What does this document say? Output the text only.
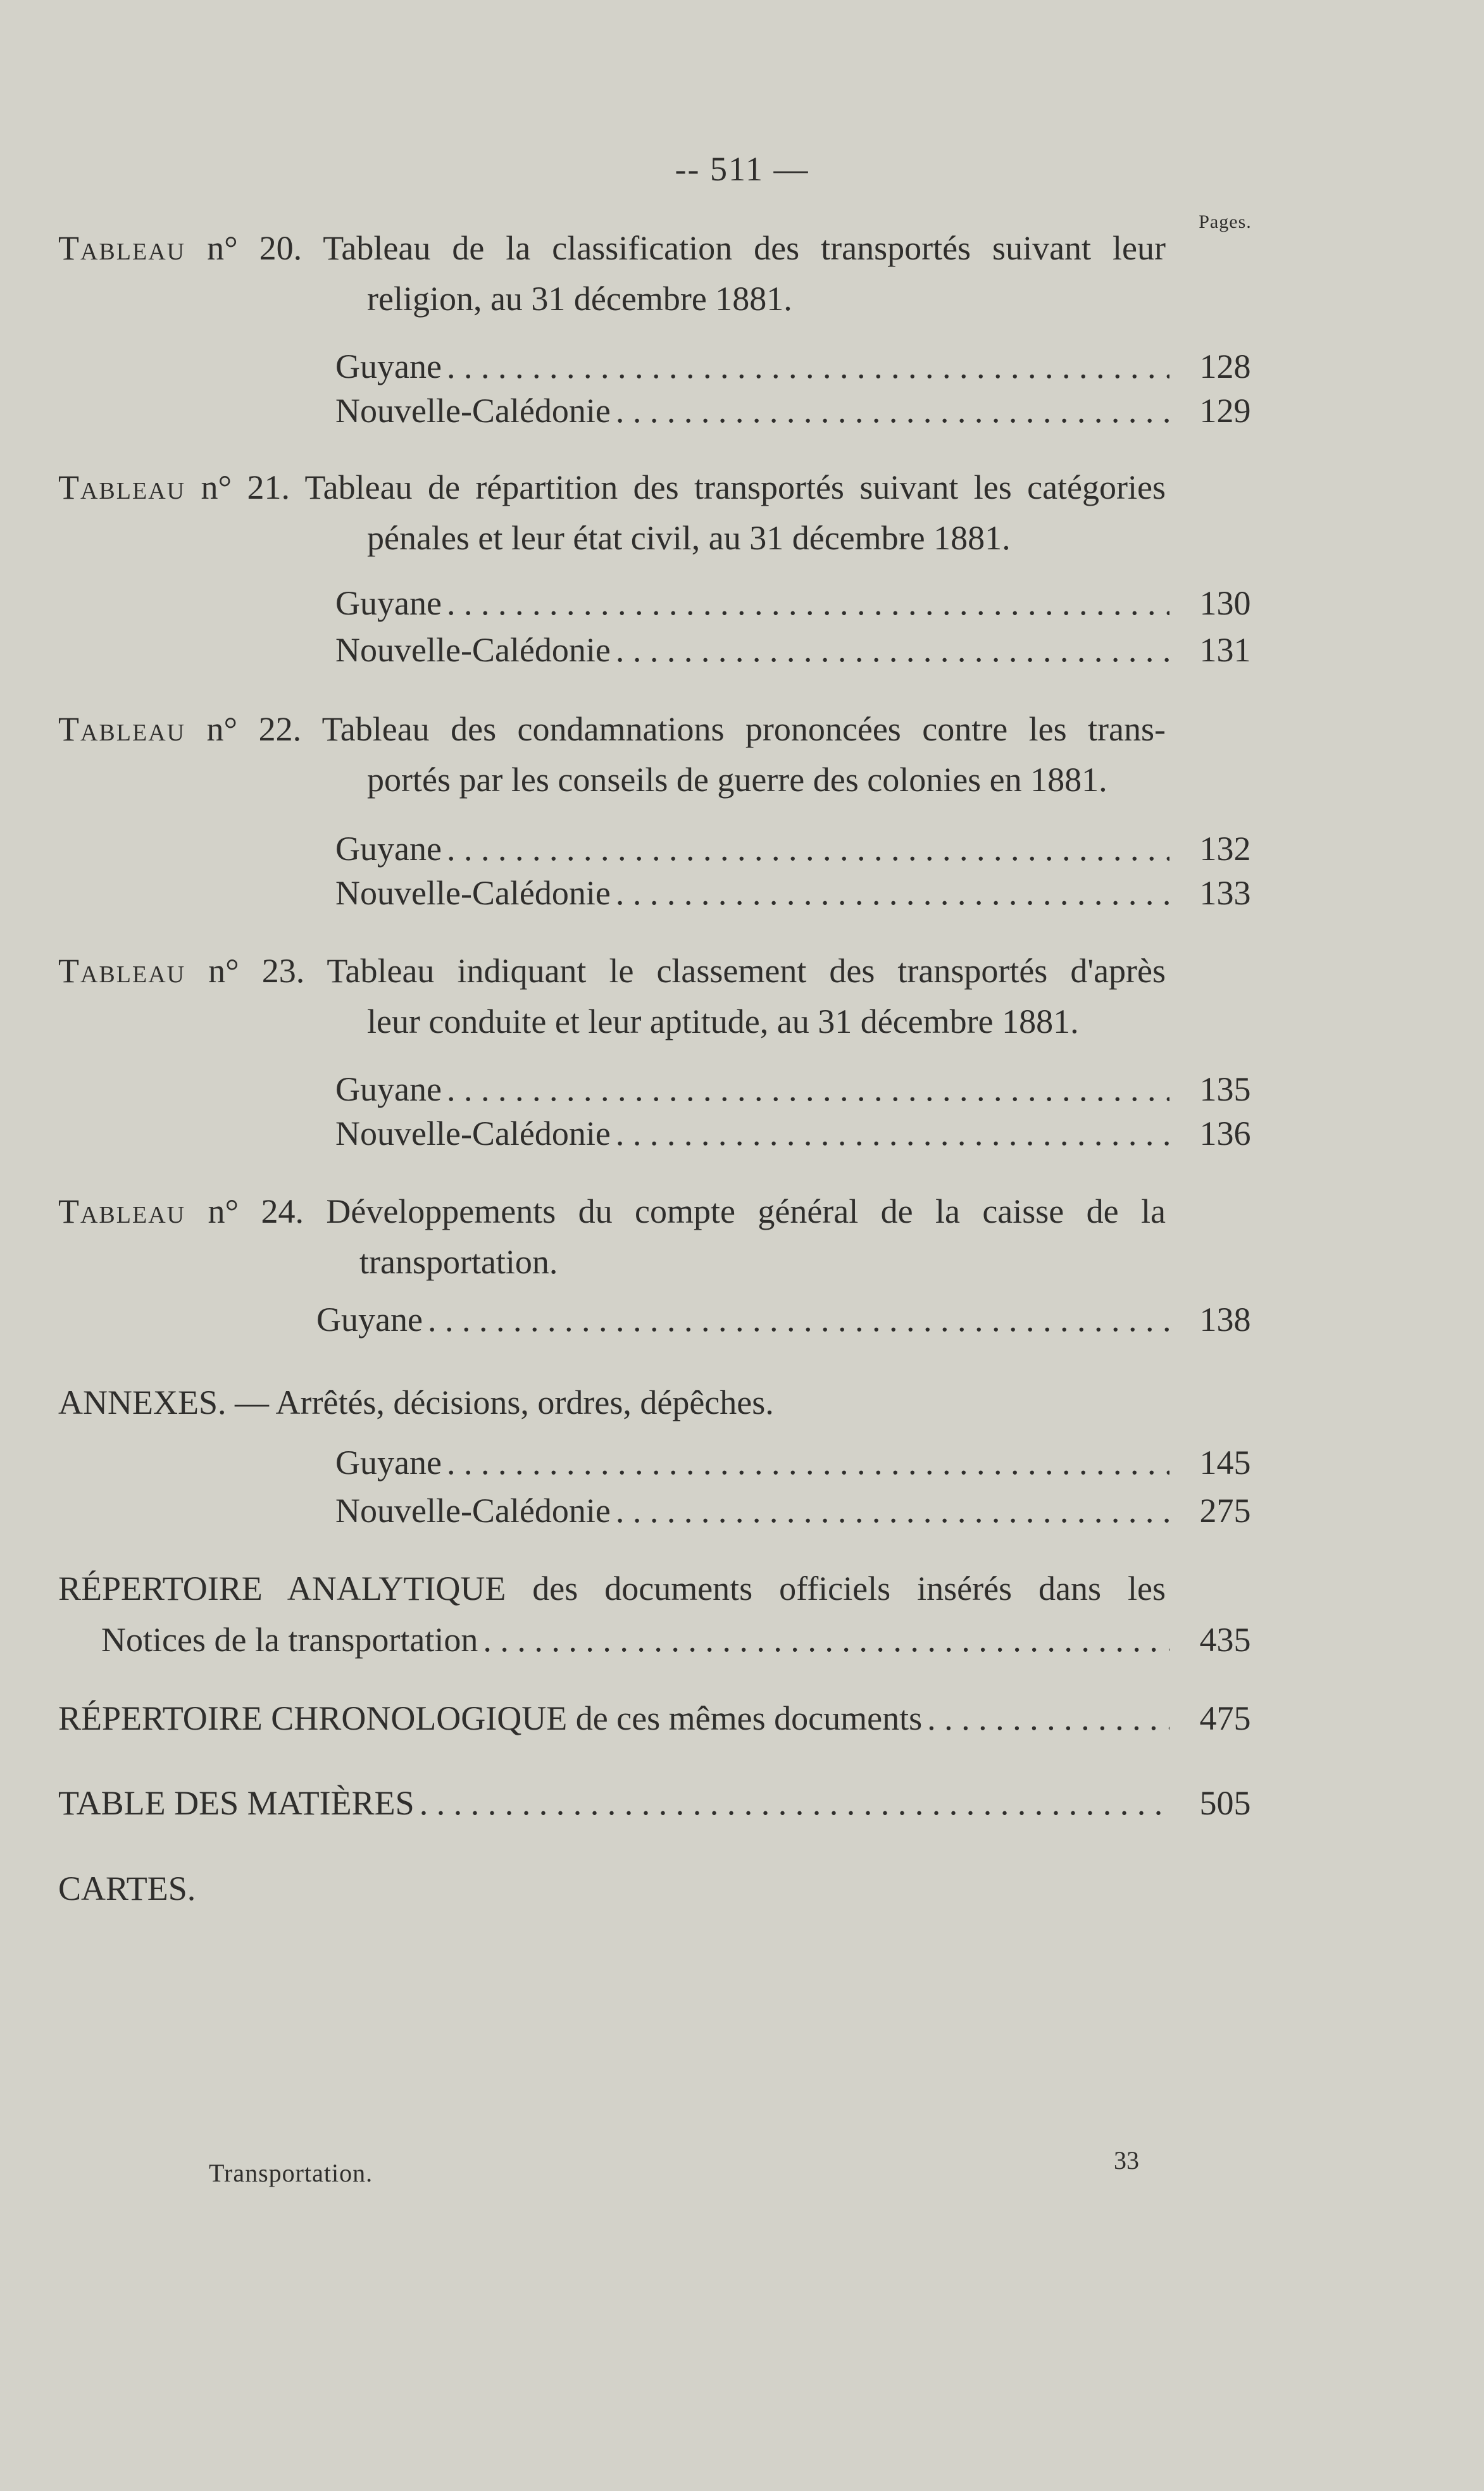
-- 511 —
Pages.
Tableau n° 20. Tableau de la classification des transportés suivant leur
religion, au 31 décembre 1881.
Guyane . . .	128
Nouvelle-Calédonie . . .	129
Tableau n° 21. Tableau de répartition des transportés suivant les catégories
pénales et leur état civil, au 31 décembre 1881.
Guyane . . .	130
Nouvelle-Calédonie . . .	131
Tableau n° 22. Tableau des condamnations prononcées contre les trans-
portés par les conseils de guerre des colonies en 1881.
Guyane . . .	132
Nouvelle-Calédonie . . .	133
Tableau n° 23. Tableau indiquant le classement des transportés d'après
leur conduite et leur aptitude, au 31 décembre 1881.
Guyane . . .	135
Nouvelle-Calédonie . . .	136
Tableau n° 24. Développements du compte général de la caisse de la
transportation.
Guyane . . .	138
ANNEXES. — Arrêtés, décisions, ordres, dépêches.
Guyane . . .	145
Nouvelle-Calédonie . . .	275
RÉPERTOIRE ANALYTIQUE des documents officiels insérés dans les
Notices de la transportation . . .	435
RÉPERTOIRE CHRONOLOGIQUE de ces mêmes documents . . .	475
TABLE DES MATIÈRES . . .	505
CARTES.
Transportation.	33
